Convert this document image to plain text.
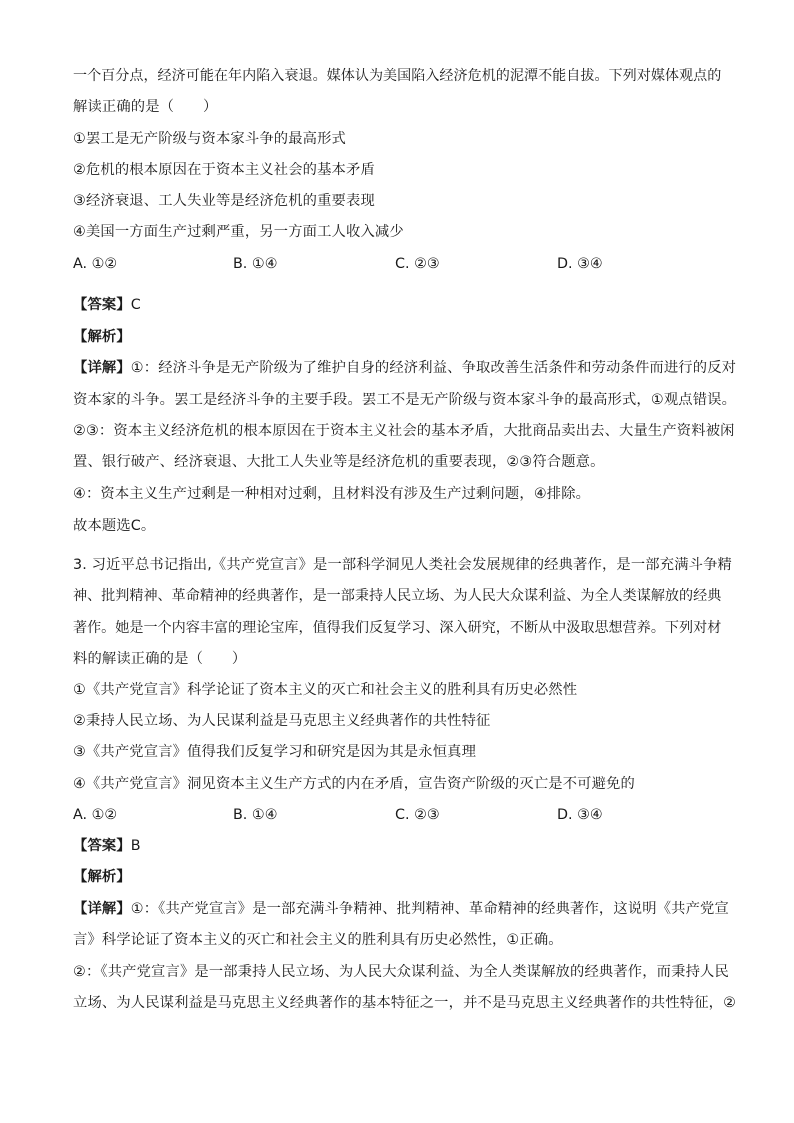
一个百分点，经济可能在年内陷入衰退。媒体认为美国陷入经济危机的泥潭不能自拔。下列对媒体观点的
解读正确的是（　　）
①罢工是无产阶级与资本家斗争的最高形式
②危机的根本原因在于资本主义社会的基本矛盾
③经济衰退、工人失业等是经济危机的重要表现
④美国一方面生产过剩严重，另一方面工人收入减少
A. ①②	B. ①④	C. ②③	D. ③④
【答案】C
【解析】
【详解】①：经济斗争是无产阶级为了维护自身的经济利益、争取改善生活条件和劳动条件而进行的反对
资本家的斗争。罢工是经济斗争的主要手段。罢工不是无产阶级与资本家斗争的最高形式，①观点错误。
②③：资本主义经济危机的根本原因在于资本主义社会的基本矛盾，大批商品卖出去、大量生产资料被闲
置、银行破产、经济衰退、大批工人失业等是经济危机的重要表现，②③符合题意。
④：资本主义生产过剩是一种相对过剩，且材料没有涉及生产过剩问题，④排除。
故本题选C。
3. 习近平总书记指出,《共产党宣言》是一部科学洞见人类社会发展规律的经典著作，是一部充满斗争精
神、批判精神、革命精神的经典著作，是一部秉持人民立场、为人民大众谋利益、为全人类谋解放的经典
著作。她是一个内容丰富的理论宝库，值得我们反复学习、深入研究，不断从中汲取思想营养。下列对材
料的解读正确的是（　　）
①《共产党宣言》科学论证了资本主义的灭亡和社会主义的胜利具有历史必然性
②秉持人民立场、为人民谋利益是马克思主义经典著作的共性特征
③《共产党宣言》值得我们反复学习和研究是因为其是永恒真理
④《共产党宣言》洞见资本主义生产方式的内在矛盾，宣告资产阶级的灭亡是不可避免的
A. ①②	B. ①④	C. ②③	D. ③④
【答案】B
【解析】
【详解】①：《共产党宣言》是一部充满斗争精神、批判精神、革命精神的经典著作，这说明《共产党宣
言》科学论证了资本主义的灭亡和社会主义的胜利具有历史必然性，①正确。
②：《共产党宣言》是一部秉持人民立场、为人民大众谋利益、为全人类谋解放的经典著作，而秉持人民
立场、为人民谋利益是马克思主义经典著作的基本特征之一，并不是马克思主义经典著作的共性特征，②
